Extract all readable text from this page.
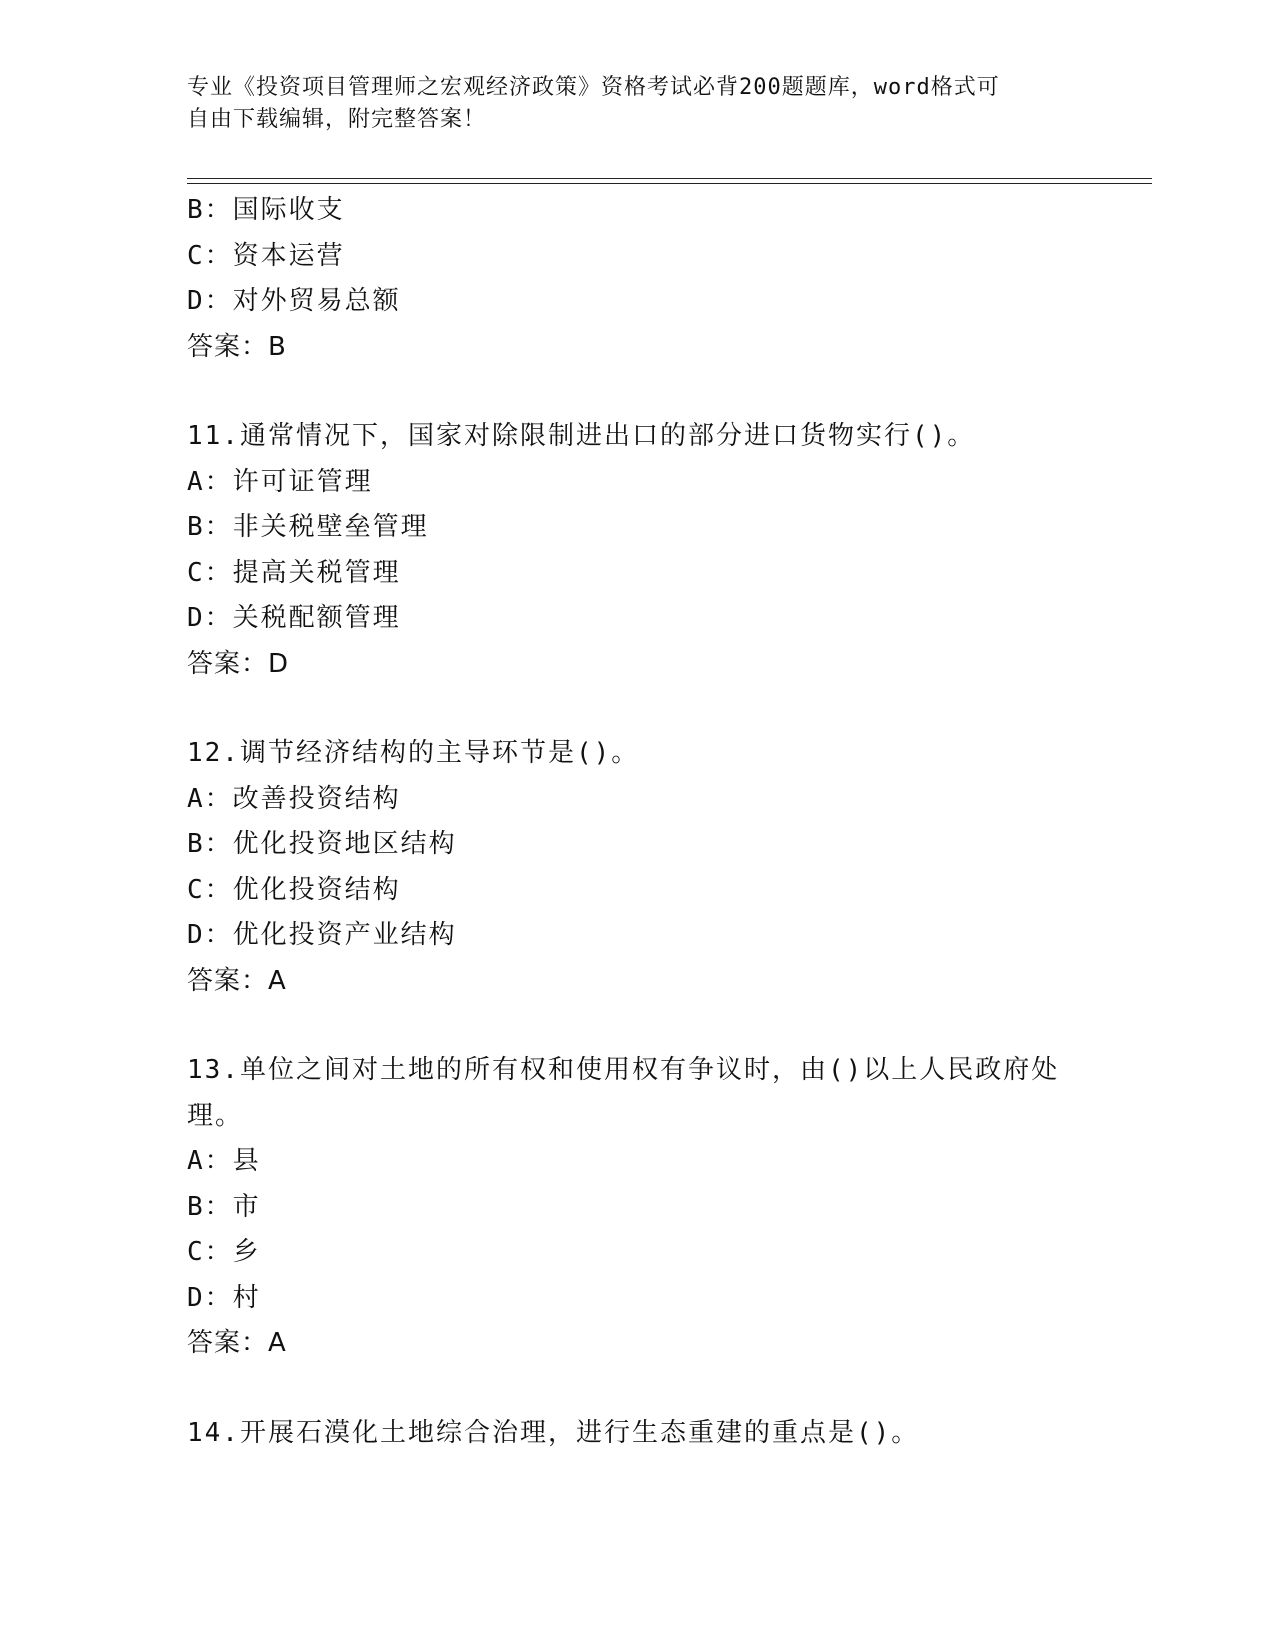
专业《投资项目管理师之宏观经济政策》资格考试必背200题题库，word格式可
自由下载编辑，附完整答案！
B：国际收支
C：资本运营
D：对外贸易总额
答案：B
11.通常情况下，国家对除限制进出口的部分进口货物实行()。
A：许可证管理
B：非关税壁垒管理
C：提高关税管理
D：关税配额管理
答案：D
12.调节经济结构的主导环节是()。
A：改善投资结构
B：优化投资地区结构
C：优化投资结构
D：优化投资产业结构
答案：A
13.单位之间对土地的所有权和使用权有争议时，由()以上人民政府处
理。
A：县
B：市
C：乡
D：村
答案：A
14.开展石漠化土地综合治理，进行生态重建的重点是()。
